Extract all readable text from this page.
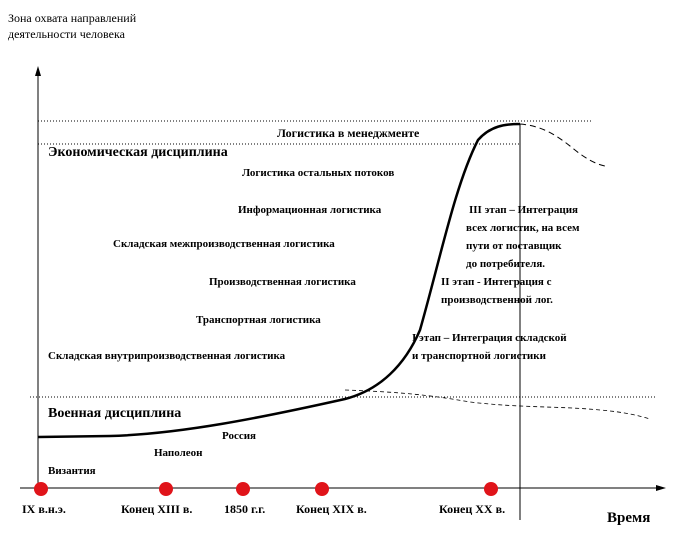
Зона охвата направлений
деятельности человека
Время
Логистика в менеджменте
Экономическая дисциплина
Военная дисциплина
Логистика остальных потоков
Информационная логистика
Складская межпроизводственная логистика
Производственная логистика
Транспортная логистика
Складская внутрипроизводственная логистика
III этап – Интеграция
всех логистик, на всем
пути от поставщик
до потребителя.
II этап - Интеграция с
производственной лог.
I этап – Интеграция складской
и транспортной логистики
Россия
Наполеон
Византия
IX в.н.э.	Конец XIII в.	1850 г.г.	Конец XIX в.	Конец XX в.
